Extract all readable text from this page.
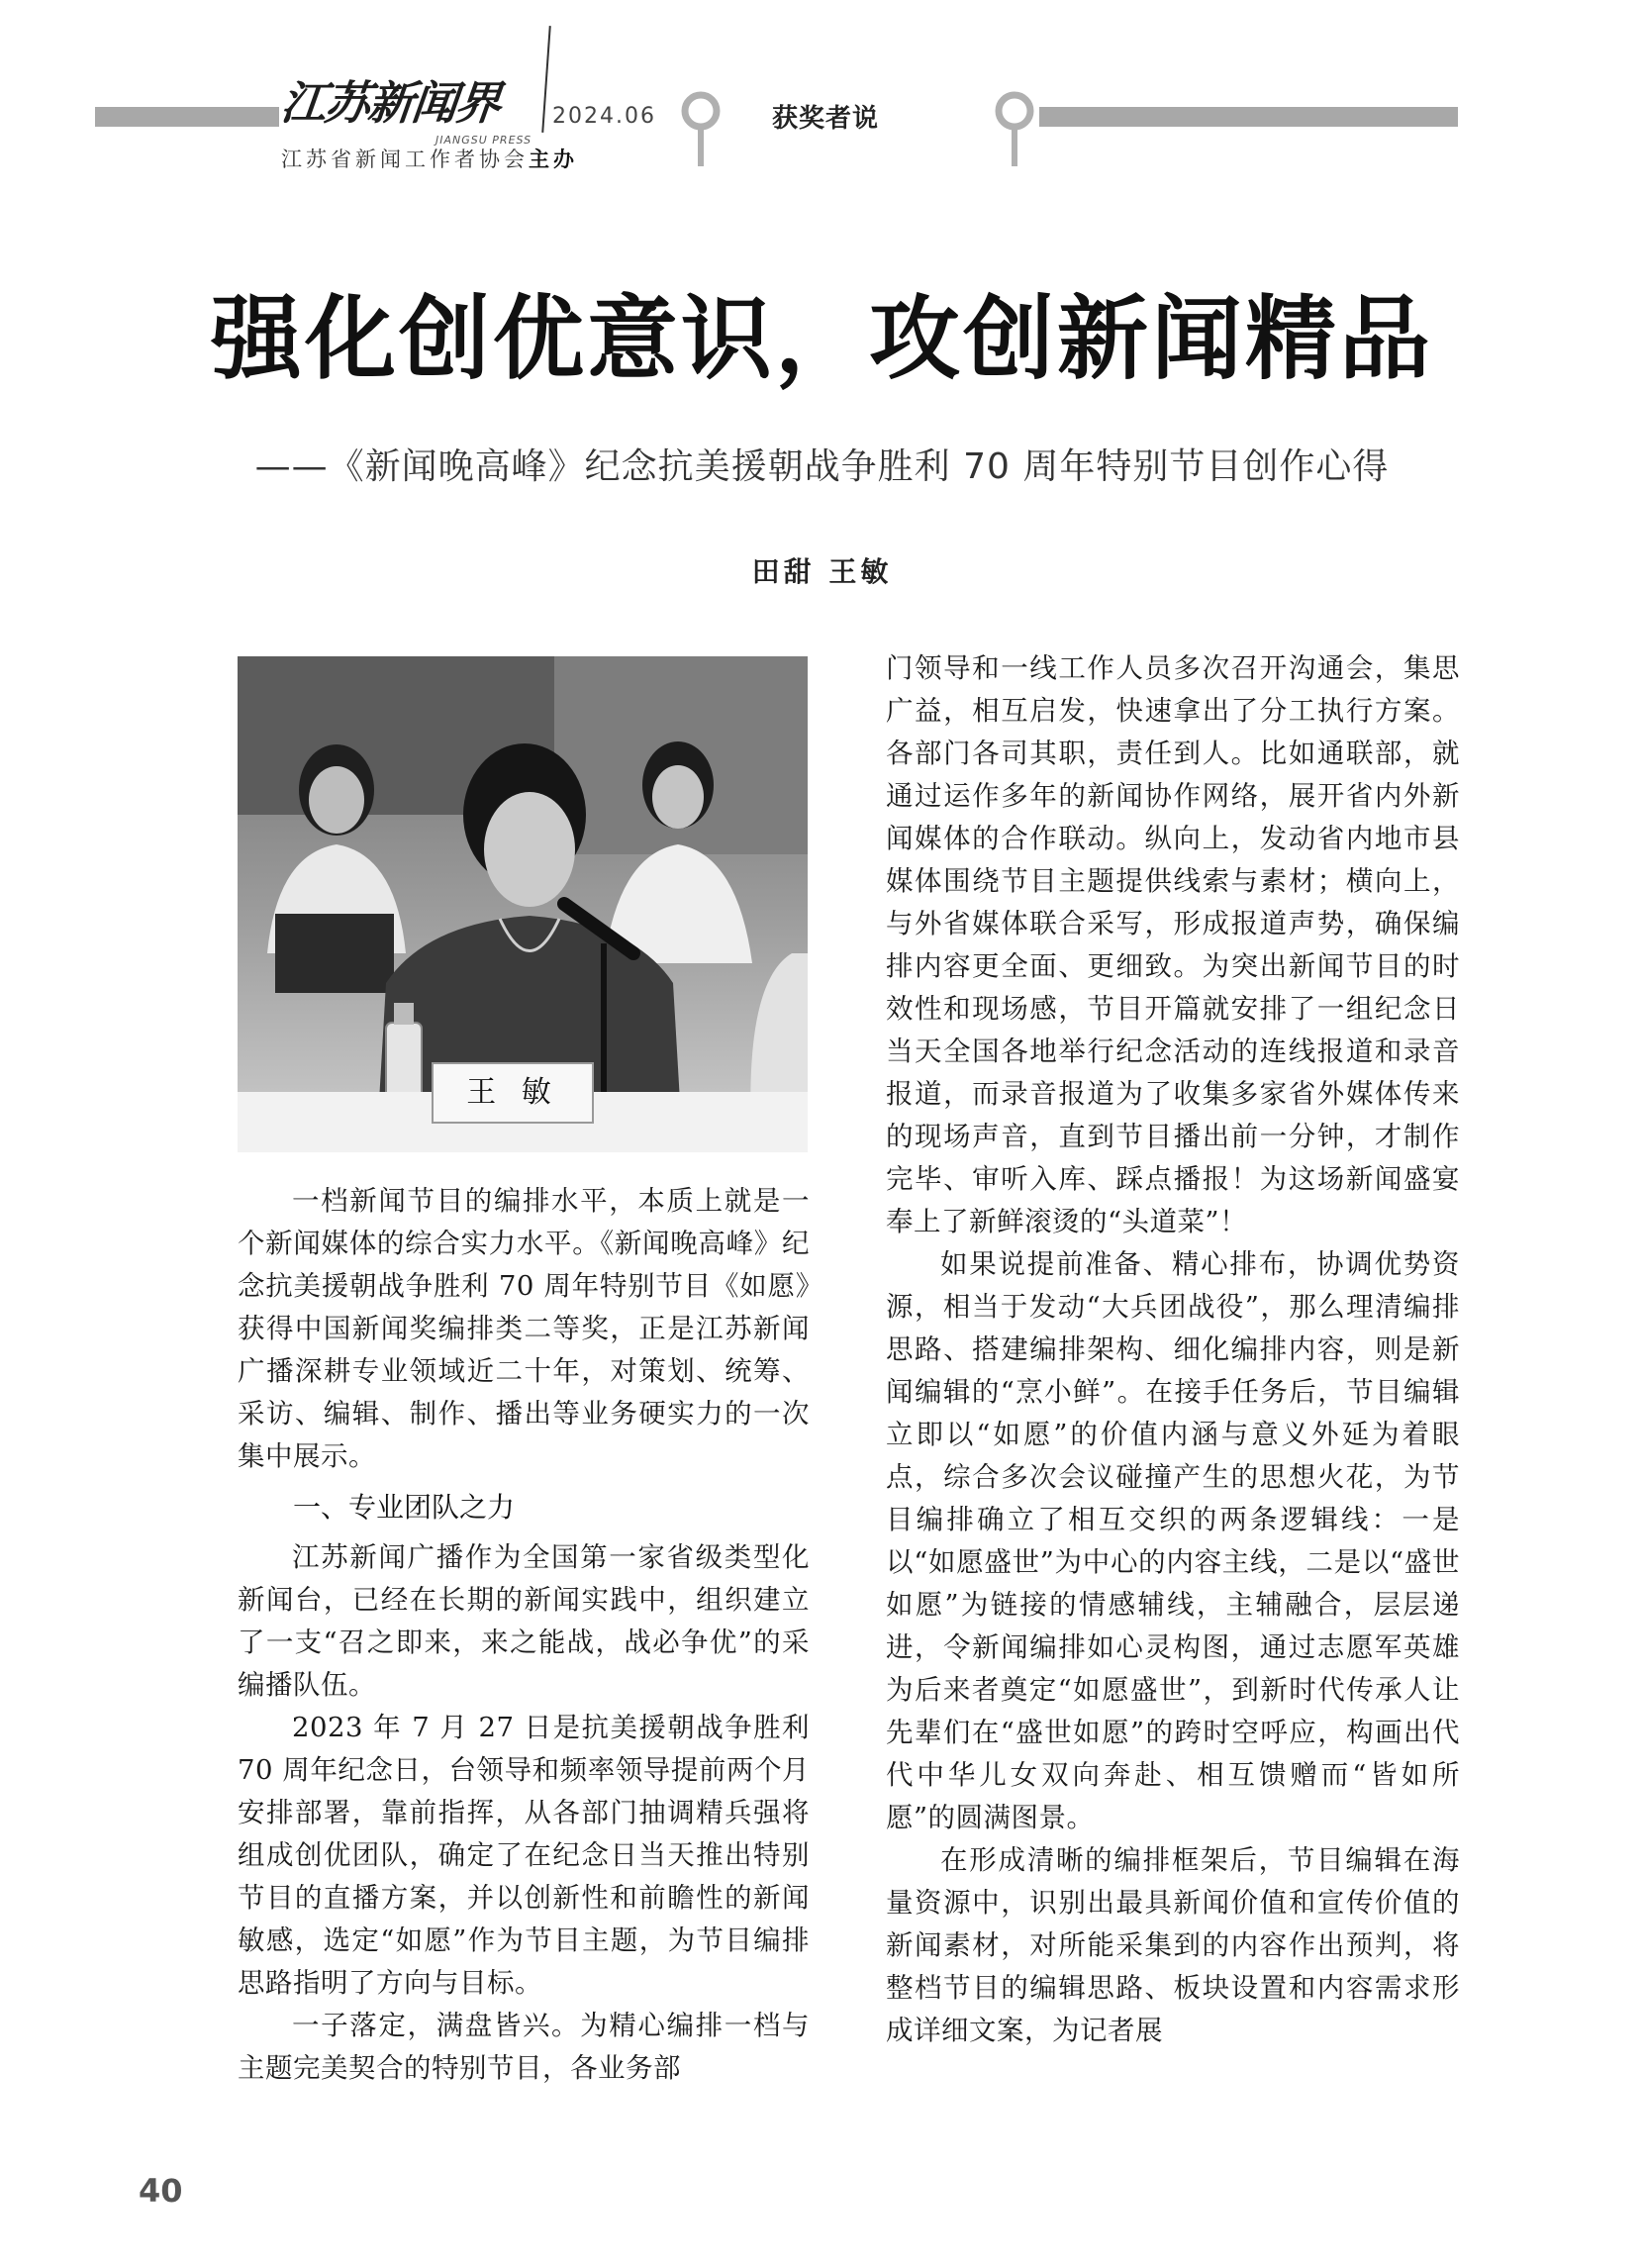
江苏新闻界
JIANGSU PRESS
2024.06
江苏省新闻工作者协会主办
获奖者说
强化创优意识，攻创新闻精品
——《新闻晚高峰》纪念抗美援朝战争胜利 70 周年特别节目创作心得
田甜 王敏
王 敏

一档新闻节目的编排水平，本质上就是一个新闻媒体的综合实力水平。《新闻晚高峰》纪念抗美援朝战争胜利 70 周年特别节目《如愿》获得中国新闻奖编排类二等奖，正是江苏新闻广播深耕专业领域近二十年，对策划、统筹、采访、编辑、制作、播出等业务硬实力的一次集中展示。

一、专业团队之力

江苏新闻广播作为全国第一家省级类型化新闻台，已经在长期的新闻实践中，组织建立了一支“召之即来，来之能战，战必争优”的采编播队伍。

2023 年 7 月 27 日是抗美援朝战争胜利 70 周年纪念日，台领导和频率领导提前两个月安排部署，靠前指挥，从各部门抽调精兵强将组成创优团队，确定了在纪念日当天推出特别节目的直播方案，并以创新性和前瞻性的新闻敏感，选定“如愿”作为节目主题，为节目编排思路指明了方向与目标。

一子落定，满盘皆兴。为精心编排一档与主题完美契合的特别节目，各业务部

门领导和一线工作人员多次召开沟通会，集思广益，相互启发，快速拿出了分工执行方案。各部门各司其职，责任到人。比如通联部，就通过运作多年的新闻协作网络，展开省内外新闻媒体的合作联动。纵向上，发动省内地市县媒体围绕节目主题提供线索与素材；横向上，与外省媒体联合采写，形成报道声势，确保编排内容更全面、更细致。为突出新闻节目的时效性和现场感，节目开篇就安排了一组纪念日当天全国各地举行纪念活动的连线报道和录音报道，而录音报道为了收集多家省外媒体传来的现场声音，直到节目播出前一分钟，才制作完毕、审听入库、踩点播报！为这场新闻盛宴奉上了新鲜滚烫的“头道菜”！

如果说提前准备、精心排布，协调优势资源，相当于发动“大兵团战役”，那么理清编排思路、搭建编排架构、细化编排内容，则是新闻编辑的“烹小鲜”。在接手任务后，节目编辑立即以“如愿”的价值内涵与意义外延为着眼点，综合多次会议碰撞产生的思想火花，为节目编排确立了相互交织的两条逻辑线：一是以“如愿盛世”为中心的内容主线，二是以“盛世如愿”为链接的情感辅线，主辅融合，层层递进，令新闻编排如心灵构图，通过志愿军英雄为后来者奠定“如愿盛世”，到新时代传承人让先辈们在“盛世如愿”的跨时空呼应，构画出代代中华儿女双向奔赴、相互馈赠而“皆如所愿”的圆满图景。

在形成清晰的编排框架后，节目编辑在海量资源中，识别出最具新闻价值和宣传价值的新闻素材，对所能采集到的内容作出预判，将整档节目的编辑思路、板块设置和内容需求形成详细文案，为记者展

40
